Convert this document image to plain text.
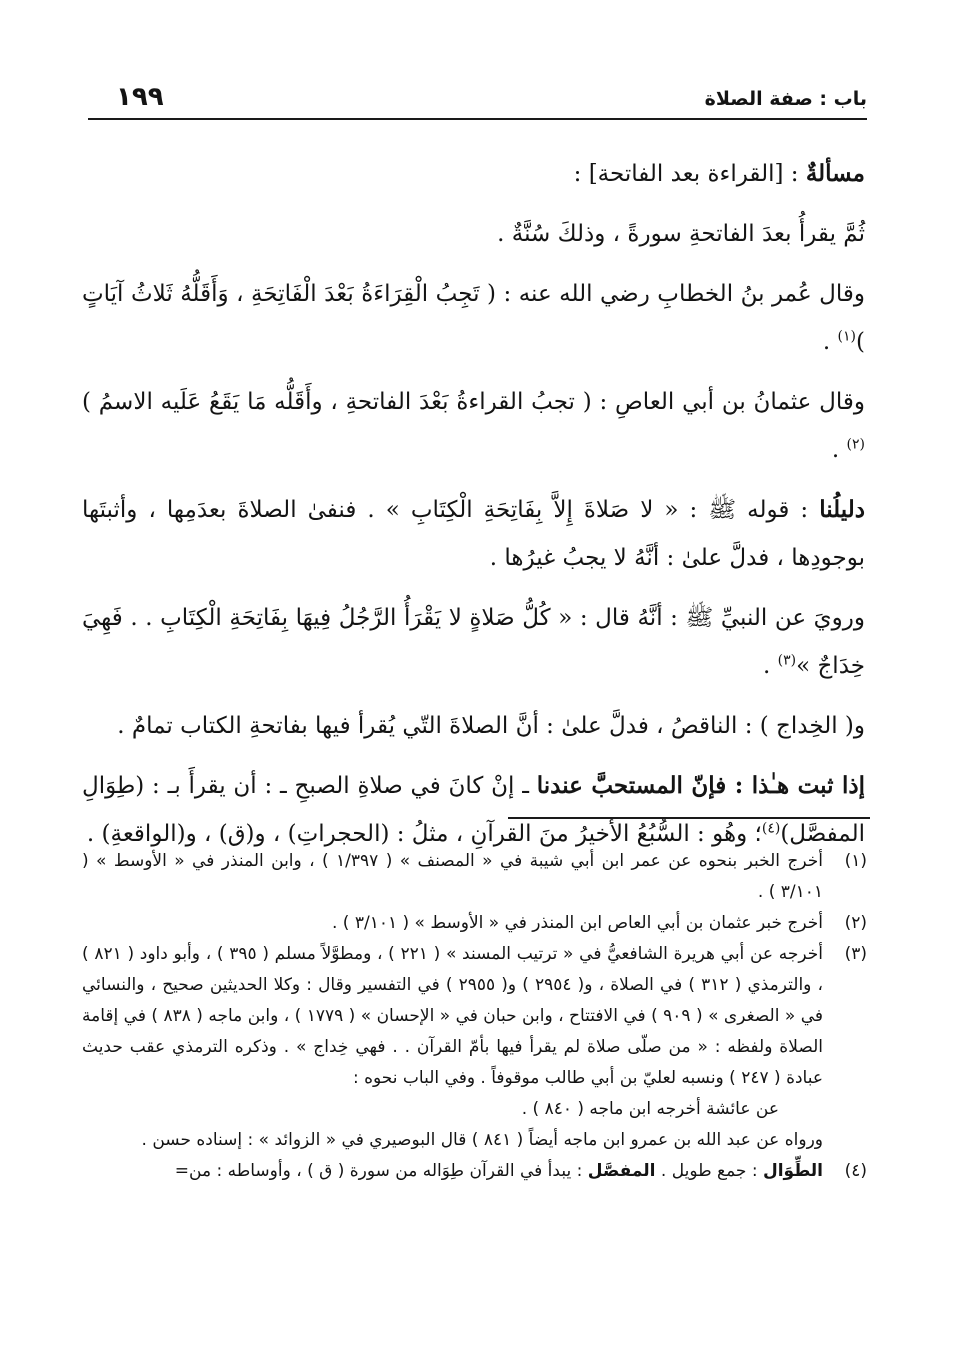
باب : صفة الصلاة
١٩٩

مسألةٌ : [القراءة بعد الفاتحة] :

ثُمَّ يقرأُ بعدَ الفاتحةِ سورةً ، وذلكَ سُنَّةٌ .

وقال عُمر بنُ الخطابِ رضي الله عنه : ( تَجِبُ الْقِرَاءَةُ بَعْدَ الْفَاتِحَةِ ، وَأَقَلُّهُ ثَلاثُ آيَاتٍ )$^{(١)}$ .

وقال عثمانُ بن أبي العاصِ : ( تجبُ القراءةُ بَعْدَ الفاتحةِ ، وأَقَلُّه مَا يَقَعُ عَلَيه الاسمُ )$^{(٢)}$ .

دليلُنا : قوله ﷺ : « لا صَلاةَ إِلاَّ بِفَاتِحَةِ الْكِتَابِ » . فنفىٰ الصلاةَ بعدَمِها ، وأثبتَها بوجودِها ، فدلَّ علىٰ : أنَّهُ لا يجبُ غيرُها .

ورويَ عن النبيِّ ﷺ : أنَّهُ قال : « كُلُّ صَلاةٍ لا يَقْرَأُ الرَّجُلُ فِيهَا بِفَاتِحَةِ الْكِتَابِ . . فَهِيَ خِدَاجٌ »$^{(٣)}$ .

و( الخِداج ) : الناقصُ ، فدلَّ علىٰ : أنَّ الصلاةَ التّي يُقرأ فيها بفاتحةِ الكتاب تمامٌ .

إذا ثبت هـٰذا : فإنّ المستحبَّ عندنا ـ إنْ كانَ في صلاةِ الصبحِ ـ : أن يقرأَ بـ : (طِوَالِ المفصَّل)$^{(٤)}$؛ وهُو : السُّبُعُ الأخيرُ منَ القرآنِ ، مثلُ : (الحجراتِ) ، و(ق) ، و(الواقعةِ) .

(١)
أخرج الخبر بنحوه عن عمر ابن أبي شيبة في « المصنف » ( ١/٣٩٧ ) ، وابن المنذر في « الأوسط » ( ٣/١٠١ ) .
(٢)
أخرج خبر عثمان بن أبي العاص ابن المنذر في « الأوسط » ( ٣/١٠١ ) .
(٣)
أخرجه عن أبي هريرة الشافعيُّ في « ترتيب المسند » ( ٢٢١ ) ، ومطوَّلاً مسلم ( ٣٩٥ ) ، وأبو داود ( ٨٢١ ) ، والترمذي ( ٣١٢ ) في الصلاة ، و( ٢٩٥٤ ) و( ٢٩٥٥ ) في التفسير وقال : وكلا الحديثين صحيح ، والنسائي في « الصغرى » ( ٩٠٩ ) في الافتتاح ، وابن حبان في « الإحسان » ( ١٧٧٩ ) ، وابن ماجه ( ٨٣٨ ) في إقامة الصلاة ولفظه : « من صلّى صلاة لم يقرأ فيها بأمّ القرآن . . فهي خِداج » . وذكره الترمذي عقب حديث عبادة ( ٢٤٧ ) ونسبه لعليّ بن أبي طالب موقوفاً . وفي الباب نحوه :
عن عائشة أخرجه ابن ماجه ( ٨٤٠ ) .
ورواه عن عبد الله بن عمرو ابن ماجه أيضاً ( ٨٤١ ) قال البوصيري في « الزوائد » : إسناده حسن .
(٤)
الطِّوَال : جمع طويل . المفصَّل : يبدأ في القرآن طِوَاله من سورة ( ق ) ، وأوساطه : من=
